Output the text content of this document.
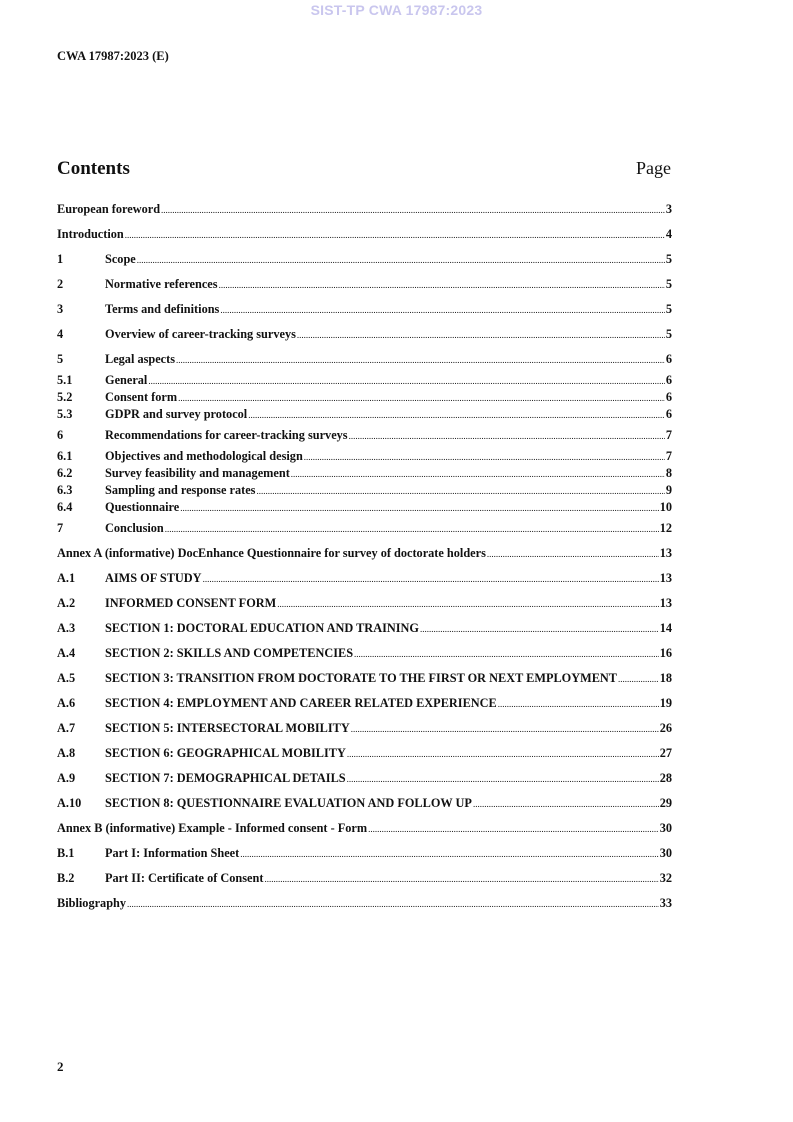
SIST-TP CWA 17987:2023
CWA 17987:2023 (E)
Contents	Page
European foreword .....	3
Introduction .....	4
1	Scope .....	5
2	Normative references .....	5
3	Terms and definitions .....	5
4	Overview of career-tracking surveys .....	5
5	Legal aspects .....	6
5.1	General .....	6
5.2	Consent form .....	6
5.3	GDPR and survey protocol .....	6
6	Recommendations for career-tracking surveys .....	7
6.1	Objectives and methodological design .....	7
6.2	Survey feasibility and management .....	8
6.3	Sampling and response rates .....	9
6.4	Questionnaire .....	10
7	Conclusion .....	12
Annex A (informative) DocEnhance Questionnaire for survey of doctorate holders .....	13
A.1	AIMS OF STUDY .....	13
A.2	INFORMED CONSENT FORM .....	13
A.3	SECTION 1: DOCTORAL EDUCATION AND TRAINING .....	14
A.4	SECTION 2: SKILLS AND COMPETENCIES .....	16
A.5	SECTION 3: TRANSITION FROM DOCTORATE TO THE FIRST OR NEXT EMPLOYMENT .....	18
A.6	SECTION 4: EMPLOYMENT AND CAREER RELATED EXPERIENCE .....	19
A.7	SECTION 5: INTERSECTORAL MOBILITY .....	26
A.8	SECTION 6: GEOGRAPHICAL MOBILITY .....	27
A.9	SECTION 7: DEMOGRAPHICAL DETAILS .....	28
A.10	SECTION 8: QUESTIONNAIRE EVALUATION AND FOLLOW UP .....	29
Annex B (informative) Example - Informed consent - Form .....	30
B.1	Part I: Information Sheet .....	30
B.2	Part II: Certificate of Consent .....	32
Bibliography .....	33
2
